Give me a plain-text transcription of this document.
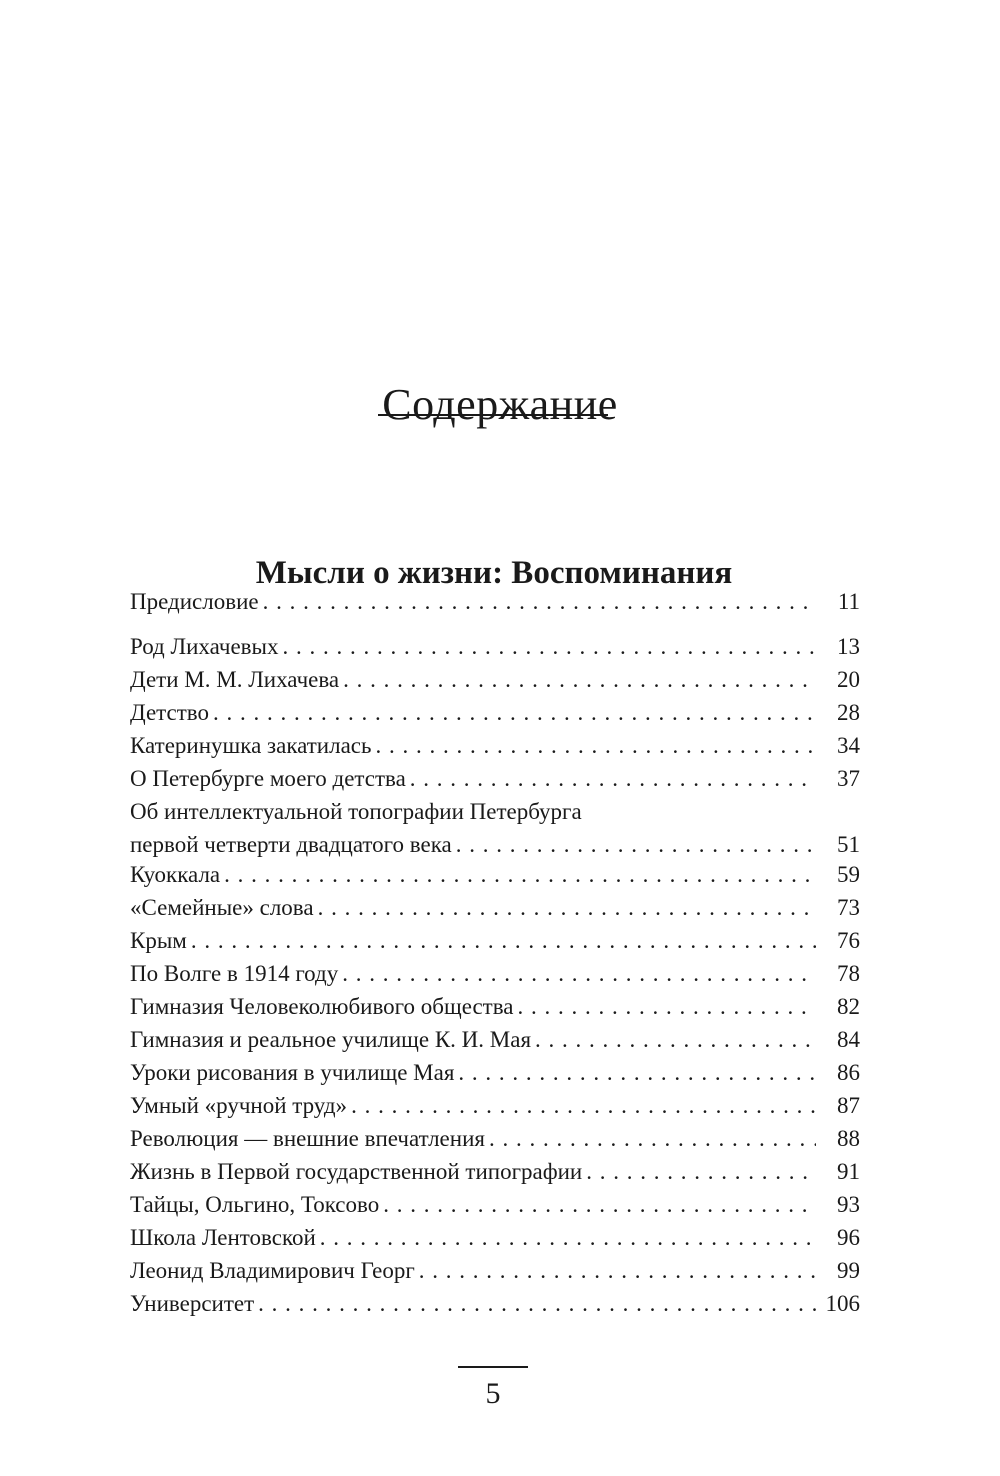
Содержание
Мысли о жизни: Воспоминания
Предисловие . . .	11
Род Лихачевых . . .	13
Дети М. М. Лихачева . . .	20
Детство . . .	28
Катеринушка закатилась . . .	34
О Петербурге моего детства . . .	37
Об интеллектуальной топографии Петербурга
первой четверти двадцатого века . . .	51
Куоккала . . .	59
«Семейные» слова . . .	73
Крым . . .	76
По Волге в 1914 году . . .	78
Гимназия Человеколюбивого общества . . .	82
Гимназия и реальное училище К. И. Мая . . .	84
Уроки рисования в училище Мая . . .	86
Умный «ручной труд» . . .	87
Революция — внешние впечатления . . .	88
Жизнь в Первой государственной типографии . . .	91
Тайцы, Ольгино, Токсово . . .	93
Школа Лентовской . . .	96
Леонид Владимирович Георг . . .	99
Университет . . .	106
5
